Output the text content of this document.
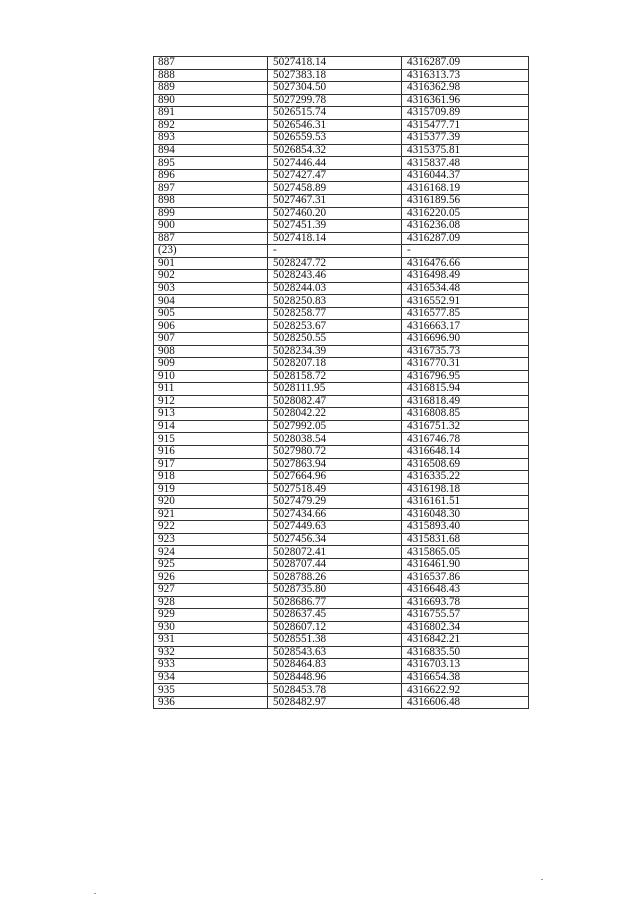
887	5027418.14	4316287.09
888	5027383.18	4316313.73
889	5027304.50	4316362.98
890	5027299.78	4316361.96
891	5026515.74	4315709.89
892	5026546.31	4315477.71
893	5026559.53	4315377.39
894	5026854.32	4315375.81
895	5027446.44	4315837.48
896	5027427.47	4316044.37
897	5027458.89	4316168.19
898	5027467.31	4316189.56
899	5027460.20	4316220.05
900	5027451.39	4316236.08
887	5027418.14	4316287.09
(23)	-	-
901	5028247.72	4316476.66
902	5028243.46	4316498.49
903	5028244.03	4316534.48
904	5028250.83	4316552.91
905	5028258.77	4316577.85
906	5028253.67	4316663.17
907	5028250.55	4316696.90
908	5028234.39	4316735.73
909	5028207.18	4316770.31
910	5028158.72	4316796.95
911	5028111.95	4316815.94
912	5028082.47	4316818.49
913	5028042.22	4316808.85
914	5027992.05	4316751.32
915	5028038.54	4316746.78
916	5027980.72	4316648.14
917	5027863.94	4316508.69
918	5027664.96	4316335.22
919	5027518.49	4316198.18
920	5027479.29	4316161.51
921	5027434.66	4316048.30
922	5027449.63	4315893.40
923	5027456.34	4315831.68
924	5028072.41	4315865.05
925	5028707.44	4316461.90
926	5028788.26	4316537.86
927	5028735.80	4316648.43
928	5028686.77	4316693.78
929	5028637.45	4316755.57
930	5028607.12	4316802.34
931	5028551.38	4316842.21
932	5028543.63	4316835.50
933	5028464.83	4316703.13
934	5028448.96	4316654.38
935	5028453.78	4316622.92
936	5028482.97	4316606.48
